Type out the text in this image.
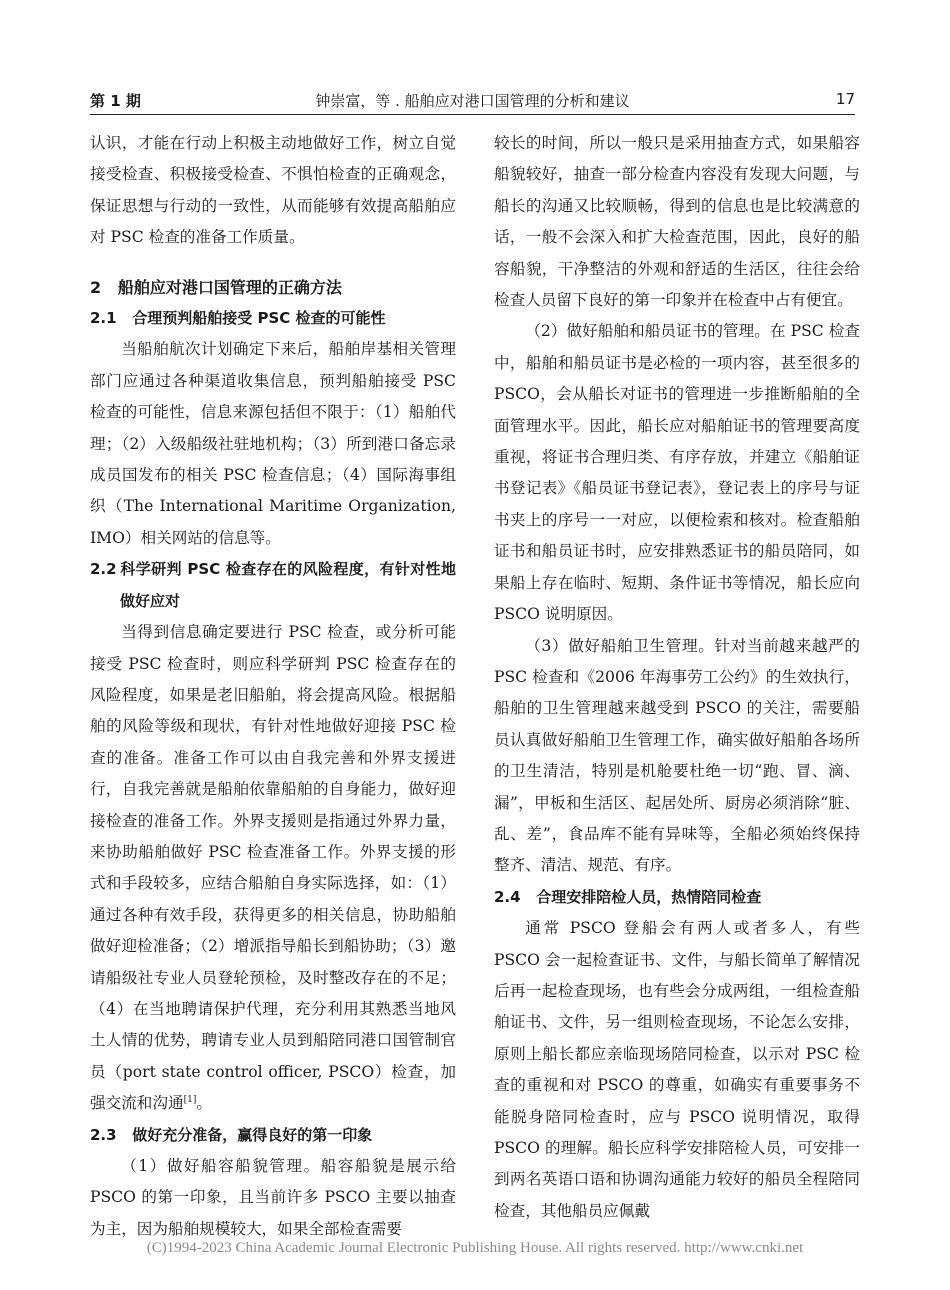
第 1 期	钟崇富，等 . 船舶应对港口国管理的分析和建议	17

认识，才能在行动上积极主动地做好工作，树立自觉接受检查、积极接受检查、不惧怕检查的正确观念，保证思想与行动的一致性，从而能够有效提高船舶应对 PSC 检查的准备工作质量。

2 船舶应对港口国管理的正确方法

2.1 合理预判船舶接受 PSC 检查的可能性

当船舶航次计划确定下来后，船舶岸基相关管理部门应通过各种渠道收集信息，预判船舶接受 PSC 检查的可能性，信息来源包括但不限于：（1）船舶代理；（2）入级船级社驻地机构；（3）所到港口备忘录成员国发布的相关 PSC 检查信息；（4）国际海事组织（The International Maritime Organization, IMO）相关网站的信息等。

2.2 科学研判 PSC 检查存在的风险程度，有针对性地做好应对

当得到信息确定要进行 PSC 检查，或分析可能接受 PSC 检查时，则应科学研判 PSC 检查存在的风险程度，如果是老旧船舶，将会提高风险。根据船舶的风险等级和现状，有针对性地做好迎接 PSC 检查的准备。准备工作可以由自我完善和外界支援进行，自我完善就是船舶依靠船舶的自身能力，做好迎接检查的准备工作。外界支援则是指通过外界力量，来协助船舶做好 PSC 检查准备工作。外界支援的形式和手段较多，应结合船舶自身实际选择，如：（1）通过各种有效手段，获得更多的相关信息，协助船舶做好迎检准备；（2）增派指导船长到船协助；（3）邀请船级社专业人员登轮预检，及时整改存在的不足；（4）在当地聘请保护代理，充分利用其熟悉当地风土人情的优势，聘请专业人员到船陪同港口国管制官员（port state control officer, PSCO）检查，加强交流和沟通[1]。

2.3 做好充分准备，赢得良好的第一印象

（1）做好船容船貌管理。船容船貌是展示给 PSCO 的第一印象，且当前许多 PSCO 主要以抽查为主，因为船舶规模较大，如果全部检查需要

较长的时间，所以一般只是采用抽查方式，如果船容船貌较好，抽查一部分检查内容没有发现大问题，与船长的沟通又比较顺畅，得到的信息也是比较满意的话，一般不会深入和扩大检查范围，因此，良好的船容船貌，干净整洁的外观和舒适的生活区，往往会给检查人员留下良好的第一印象并在检查中占有便宜。

（2）做好船舶和船员证书的管理。在 PSC 检查中，船舶和船员证书是必检的一项内容，甚至很多的 PSCO，会从船长对证书的管理进一步推断船舶的全面管理水平。因此，船长应对船舶证书的管理要高度重视，将证书合理归类、有序存放，并建立《船舶证书登记表》《船员证书登记表》，登记表上的序号与证书夹上的序号一一对应，以便检索和核对。检查船舶证书和船员证书时，应安排熟悉证书的船员陪同，如果船上存在临时、短期、条件证书等情况，船长应向 PSCO 说明原因。

（3）做好船舶卫生管理。针对当前越来越严的 PSC 检查和《2006 年海事劳工公约》的生效执行，船舶的卫生管理越来越受到 PSCO 的关注，需要船员认真做好船舶卫生管理工作，确实做好船舶各场所的卫生清洁，特别是机舱要杜绝一切“跑、冒、滴、漏”，甲板和生活区、起居处所、厨房必须消除“脏、乱、差”，食品库不能有异味等，全船必须始终保持整齐、清洁、规范、有序。

2.4 合理安排陪检人员，热情陪同检查

通常 PSCO 登船会有两人或者多人，有些 PSCO 会一起检查证书、文件，与船长简单了解情况后再一起检查现场，也有些会分成两组，一组检查船舶证书、文件，另一组则检查现场，不论怎么安排，原则上船长都应亲临现场陪同检查，以示对 PSC 检查的重视和对 PSCO 的尊重，如确实有重要事务不能脱身陪同检查时，应与 PSCO 说明情况，取得 PSCO 的理解。船长应科学安排陪检人员，可安排一到两名英语口语和协调沟通能力较好的船员全程陪同检查，其他船员应佩戴

(C)1994-2023 China Academic Journal Electronic Publishing House. All rights reserved. http://www.cnki.net
